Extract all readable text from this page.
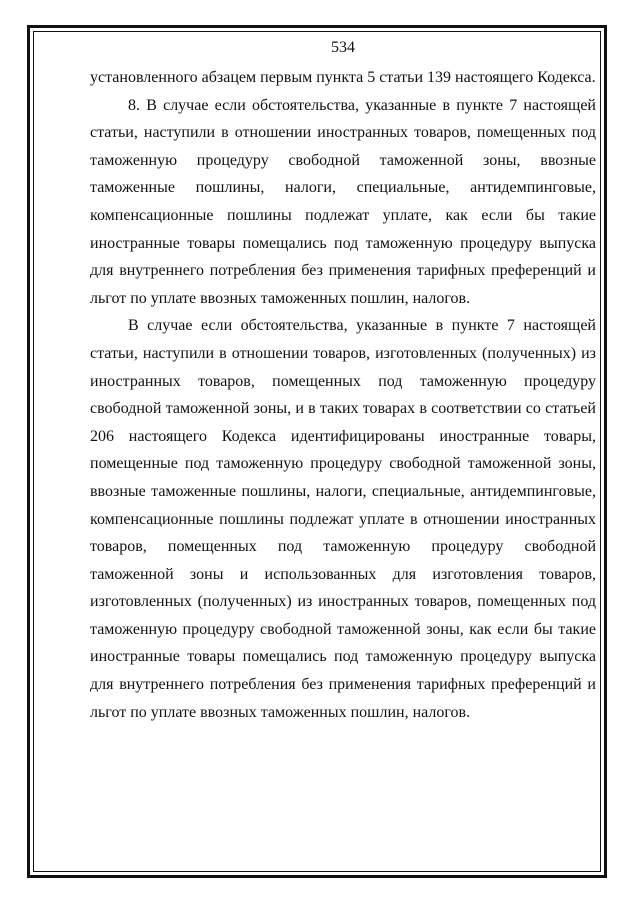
534

установленного абзацем первым пункта 5 статьи 139 настоящего Кодекса.

8. В случае если обстоятельства, указанные в пункте 7 настоящей статьи, наступили в отношении иностранных товаров, помещенных под таможенную процедуру свободной таможенной зоны, ввозные таможенные пошлины, налоги, специальные, антидемпинговые, компенсационные пошлины подлежат уплате, как если бы такие иностранные товары помещались под таможенную процедуру выпуска для внутреннего потребления без применения тарифных преференций и льгот по уплате ввозных таможенных пошлин, налогов.

В случае если обстоятельства, указанные в пункте 7 настоящей статьи, наступили в отношении товаров, изготовленных (полученных) из иностранных товаров, помещенных под таможенную процедуру свободной таможенной зоны, и в таких товарах в соответствии со статьей 206 настоящего Кодекса идентифицированы иностранные товары, помещенные под таможенную процедуру свободной таможенной зоны, ввозные таможенные пошлины, налоги, специальные, антидемпинговые, компенсационные пошлины подлежат уплате в отношении иностранных товаров, помещенных под таможенную процедуру свободной таможенной зоны и использованных для изготовления товаров, изготовленных (полученных) из иностранных товаров, помещенных под таможенную процедуру свободной таможенной зоны, как если бы такие иностранные товары помещались под таможенную процедуру выпуска для внутреннего потребления без применения тарифных преференций и льгот по уплате ввозных таможенных пошлин, налогов.
